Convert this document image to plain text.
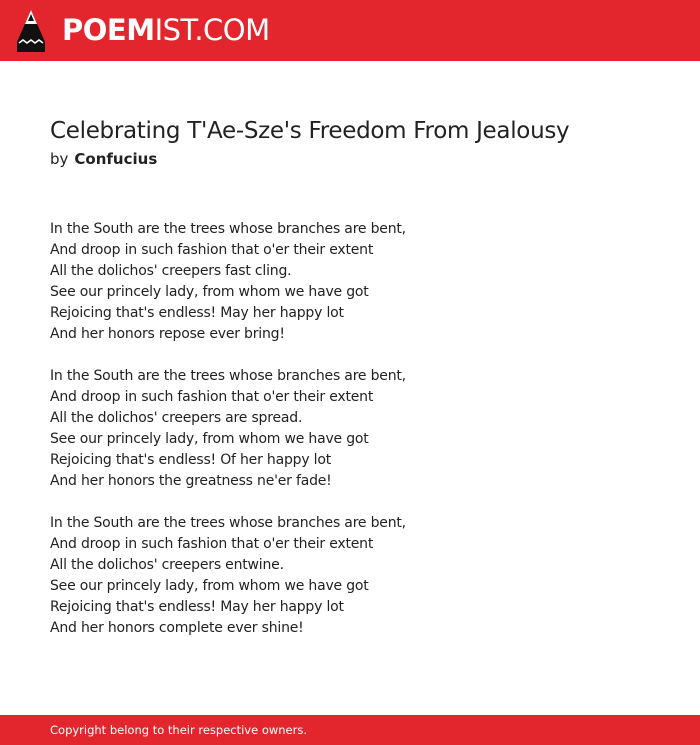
POEMIST.COM
Celebrating T'Ae-Sze's Freedom From Jealousy
by Confucius
In the South are the trees whose branches are bent,
And droop in such fashion that o'er their extent
All the dolichos' creepers fast cling.
See our princely lady, from whom we have got
Rejoicing that's endless! May her happy lot
And her honors repose ever bring!
In the South are the trees whose branches are bent,
And droop in such fashion that o'er their extent
All the dolichos' creepers are spread.
See our princely lady, from whom we have got
Rejoicing that's endless! Of her happy lot
And her honors the greatness ne'er fade!
In the South are the trees whose branches are bent,
And droop in such fashion that o'er their extent
All the dolichos' creepers entwine.
See our princely lady, from whom we have got
Rejoicing that's endless! May her happy lot
And her honors complete ever shine!
Copyright belong to their respective owners.
